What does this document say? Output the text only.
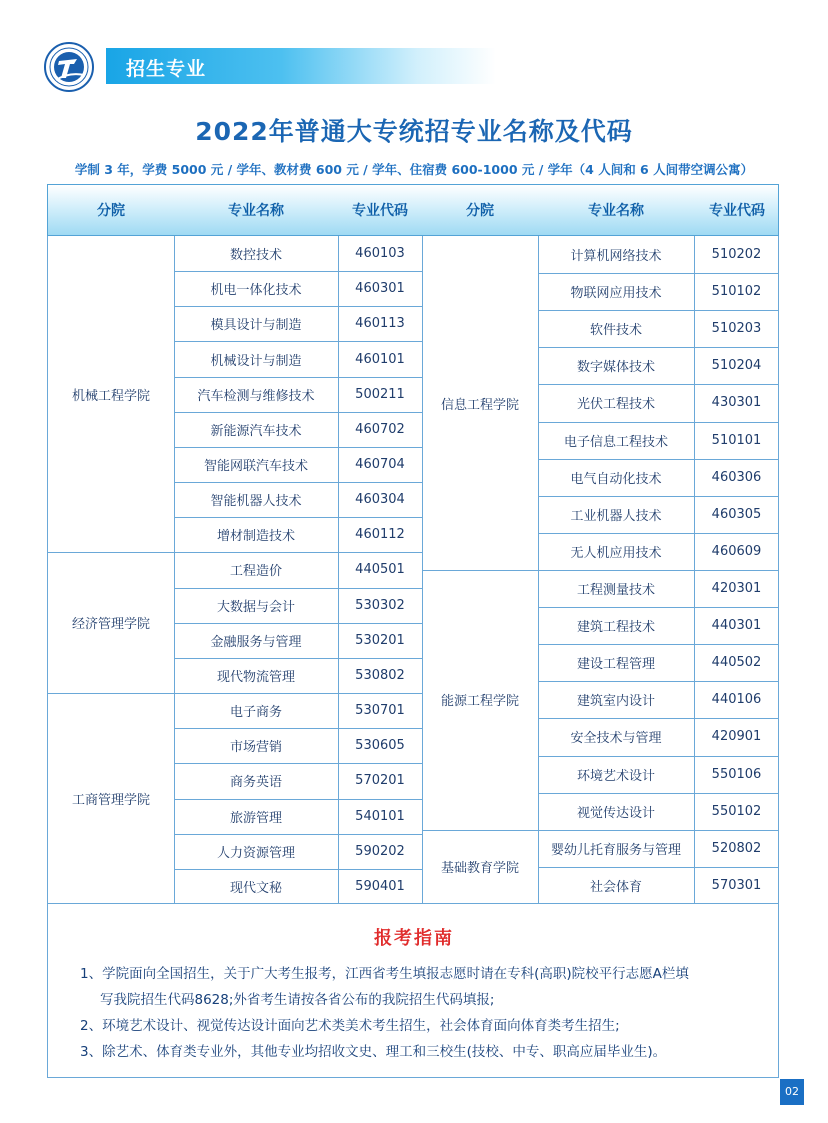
招生专业
2022年普通大专统招专业名称及代码
学制 3 年，学费 5000 元 / 学年、教材费 600 元 / 学年、住宿费 600-1000 元 / 学年（4 人间和 6 人间带空调公寓）
分院	专业名称	专业代码	分院	专业名称	专业代码
机械工程学院
数控技术	460103
机电一体化技术	460301
模具设计与制造	460113
机械设计与制造	460101
汽车检测与维修技术	500211
新能源汽车技术	460702
智能网联汽车技术	460704
智能机器人技术	460304
增材制造技术	460112
经济管理学院
工程造价	440501
大数据与会计	530302
金融服务与管理	530201
现代物流管理	530802
工商管理学院
电子商务	530701
市场营销	530605
商务英语	570201
旅游管理	540101
人力资源管理	590202
现代文秘	590401
信息工程学院
计算机网络技术	510202
物联网应用技术	510102
软件技术	510203
数字媒体技术	510204
光伏工程技术	430301
电子信息工程技术	510101
电气自动化技术	460306
工业机器人技术	460305
无人机应用技术	460609
能源工程学院
工程测量技术	420301
建筑工程技术	440301
建设工程管理	440502
建筑室内设计	440106
安全技术与管理	420901
环境艺术设计	550106
视觉传达设计	550102
基础教育学院
婴幼儿托育服务与管理	520802
社会体育	570301
报考指南
1、学院面向全国招生，关于广大考生报考，江西省考生填报志愿时请在专科(高职)院校平行志愿A栏填
写我院招生代码8628;外省考生请按各省公布的我院招生代码填报;
2、环境艺术设计、视觉传达设计面向艺术类美术考生招生，社会体育面向体育类考生招生;
3、除艺术、体育类专业外，其他专业均招收文史、理工和三校生(技校、中专、职高应届毕业生)。
02
